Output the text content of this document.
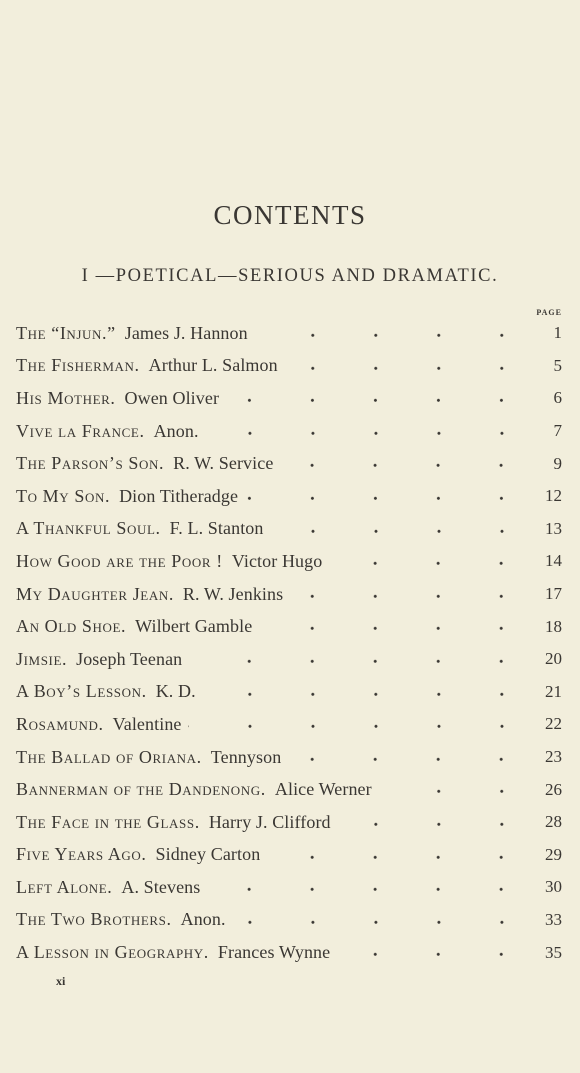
CONTENTS
I —POETICAL—SERIOUS AND DRAMATIC.
PAGE
The “Injun.” James J. Hannon	1
The Fisherman. Arthur L. Salmon	5
His Mother. Owen Oliver	6
Vive la France. Anon.	7
The Parson’s Son. R. W. Service	9
To My Son. Dion Titheradge	12
A Thankful Soul. F. L. Stanton	13
How Good are the Poor ! Victor Hugo	14
My Daughter Jean. R. W. Jenkins	17
An Old Shoe. Wilbert Gamble	18
Jimsie. Joseph Teenan	20
A Boy’s Lesson. K. D.	21
Rosamund. Valentine	22
The Ballad of Oriana. Tennyson	23
Bannerman of the Dandenong. Alice Werner	26
The Face in the Glass. Harry J. Clifford	28
Five Years Ago. Sidney Carton	29
Left Alone. A. Stevens	30
The Two Brothers. Anon.	33
A Lesson in Geography. Frances Wynne	35
xi
